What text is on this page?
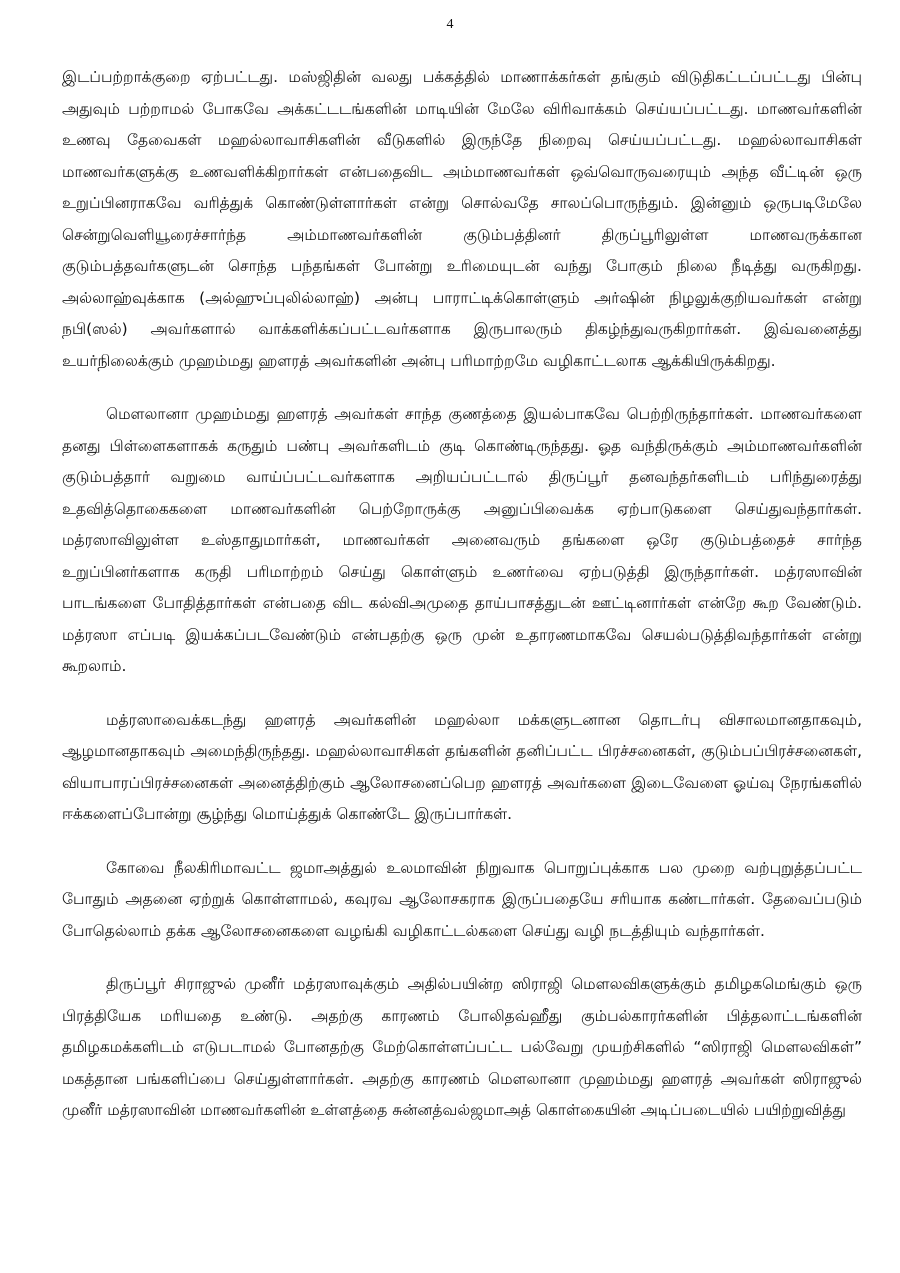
4

இடப்பற்றாக்குறை ஏற்பட்டது. மஸ்ஜிதின் வலது பக்கத்தில் மாணாக்கர்கள் தங்கும் விடுதிகட்டப்பட்டது பின்பு அதுவும் பற்றாமல் போகவே அக்கட்டடங்களின் மாடியின் மேலே விரிவாக்கம் செய்யப்பட்டது. மாணவர்களின் உணவு தேவைகள் மஹல்லாவாசிகளின் வீடுகளில் இருந்தே நிறைவு செய்யப்பட்டது. மஹல்லாவாசிகள் மாணவர்களுக்கு உணவளிக்கிறார்கள் என்பதைவிட அம்மாணவர்கள் ஒவ்வொருவரையும் அந்த வீட்டின் ஒரு உறுப்பினராகவே வரித்துக் கொண்டுள்ளார்கள் என்று சொல்வதே சாலப்பொருந்தும். இன்னும் ஒருபடிமேலே சென்றுவெளியூரைச்சார்ந்த அம்மாணவர்களின் குடும்பத்தினர் திருப்பூரிலுள்ள மாணவருக்கான குடும்பத்தவர்களுடன் சொந்த பந்தங்கள் போன்று உரிமையுடன் வந்து போகும் நிலை நீடித்து வருகிறது. அல்லாஹ்வுக்காக (அல்ஹுப்புலில்லாஹ்) அன்பு பாராட்டிக்கொள்ளும் அர்ஷின் நிழலுக்குறியவர்கள் என்று நபி(ஸல்) அவர்களால் வாக்களிக்கப்பட்டவர்களாக இருபாலரும் திகழ்ந்துவருகிறார்கள். இவ்வனைத்து உயர்நிலைக்கும் முஹம்மது ஹளரத் அவர்களின் அன்பு பரிமாற்றமே வழிகாட்டலாக ஆக்கியிருக்கிறது.

மௌலானா முஹம்மது ஹளரத் அவர்கள் சாந்த குணத்தை இயல்பாகவே பெற்றிருந்தார்கள். மாணவர்களை தனது பிள்ளைகளாகக் கருதும் பண்பு அவர்களிடம் குடி கொண்டிருந்தது. ஓத வந்திருக்கும் அம்மாணவர்களின் குடும்பத்தார் வறுமை வாய்ப்பட்டவர்களாக அறியப்பட்டால் திருப்பூர் தனவந்தர்களிடம் பரிந்துரைத்து உதவித்தொகைகளை மாணவர்களின் பெற்றோருக்கு அனுப்பிவைக்க ஏற்பாடுகளை செய்துவந்தார்கள். மத்ரஸாவிலுள்ள உஸ்தாதுமார்கள், மாணவர்கள் அனைவரும் தங்களை ஒரே குடும்பத்தைச் சார்ந்த உறுப்பினர்களாக கருதி பரிமாற்றம் செய்து கொள்ளும் உணர்வை ஏற்படுத்தி இருந்தார்கள். மத்ரஸாவின் பாடங்களை போதித்தார்கள் என்பதை விட கல்விஅமுதை தாய்பாசத்துடன் ஊட்டினார்கள் என்றே கூற வேண்டும். மத்ரஸா எப்படி இயக்கப்படவேண்டும் என்பதற்கு ஒரு முன் உதாரணமாகவே செயல்படுத்திவந்தார்கள் என்று கூறலாம்.

மத்ரஸாவைக்கடந்து ஹளரத் அவர்களின் மஹல்லா மக்களுடனான தொடர்பு விசாலமானதாகவும், ஆழமானதாகவும் அமைந்திருந்தது. மஹல்லாவாசிகள் தங்களின் தனிப்பட்ட பிரச்சனைகள், குடும்பப்பிரச்சனைகள், வியாபாரப்பிரச்சனைகள் அனைத்திற்கும் ஆலோசனைப்பெற ஹளரத் அவர்களை இடைவேளை ஓய்வு நேரங்களில் ஈக்களைப்போன்று சூழ்ந்து மொய்த்துக் கொண்டே இருப்பார்கள்.

கோவை நீலகிரிமாவட்ட ஜமாஅத்துல் உலமாவின் நிறுவாக பொறுப்புக்காக பல முறை வற்புறுத்தப்பட்ட போதும் அதனை ஏற்றுக் கொள்ளாமல், கவுரவ ஆலோசகராக இருப்பதையே சரியாக கண்டார்கள். தேவைப்படும் போதெல்லாம் தக்க ஆலோசனைகளை வழங்கி வழிகாட்டல்களை செய்து வழி நடத்தியும் வந்தார்கள்.

திருப்பூர் சிராஜுல் முனீர் மத்ரஸாவுக்கும் அதில்பயின்ற ஸிராஜி மௌலவிகளுக்கும் தமிழகமெங்கும் ஒரு பிரத்தியேக மரியதை உண்டு. அதற்கு காரணம் போலிதவ்ஹீது கும்பல்காரர்களின் பித்தலாட்டங்களின் தமிழகமக்களிடம் எடுபடாமல் போனதற்கு மேற்கொள்ளப்பட்ட பல்வேறு முயற்சிகளில் “ஸிராஜி மௌலவிகள்” மகத்தான பங்களிப்பை செய்துள்ளார்கள். அதற்கு காரணம் மௌலானா முஹம்மது ஹளரத் அவர்கள் ஸிராஜுல் முனீர் மத்ரஸாவின் மாணவர்களின் உள்ளத்தை சுன்னத்வல்ஜமாஅத் கொள்கையின் அடிப்படையில் பயிற்றுவித்து
